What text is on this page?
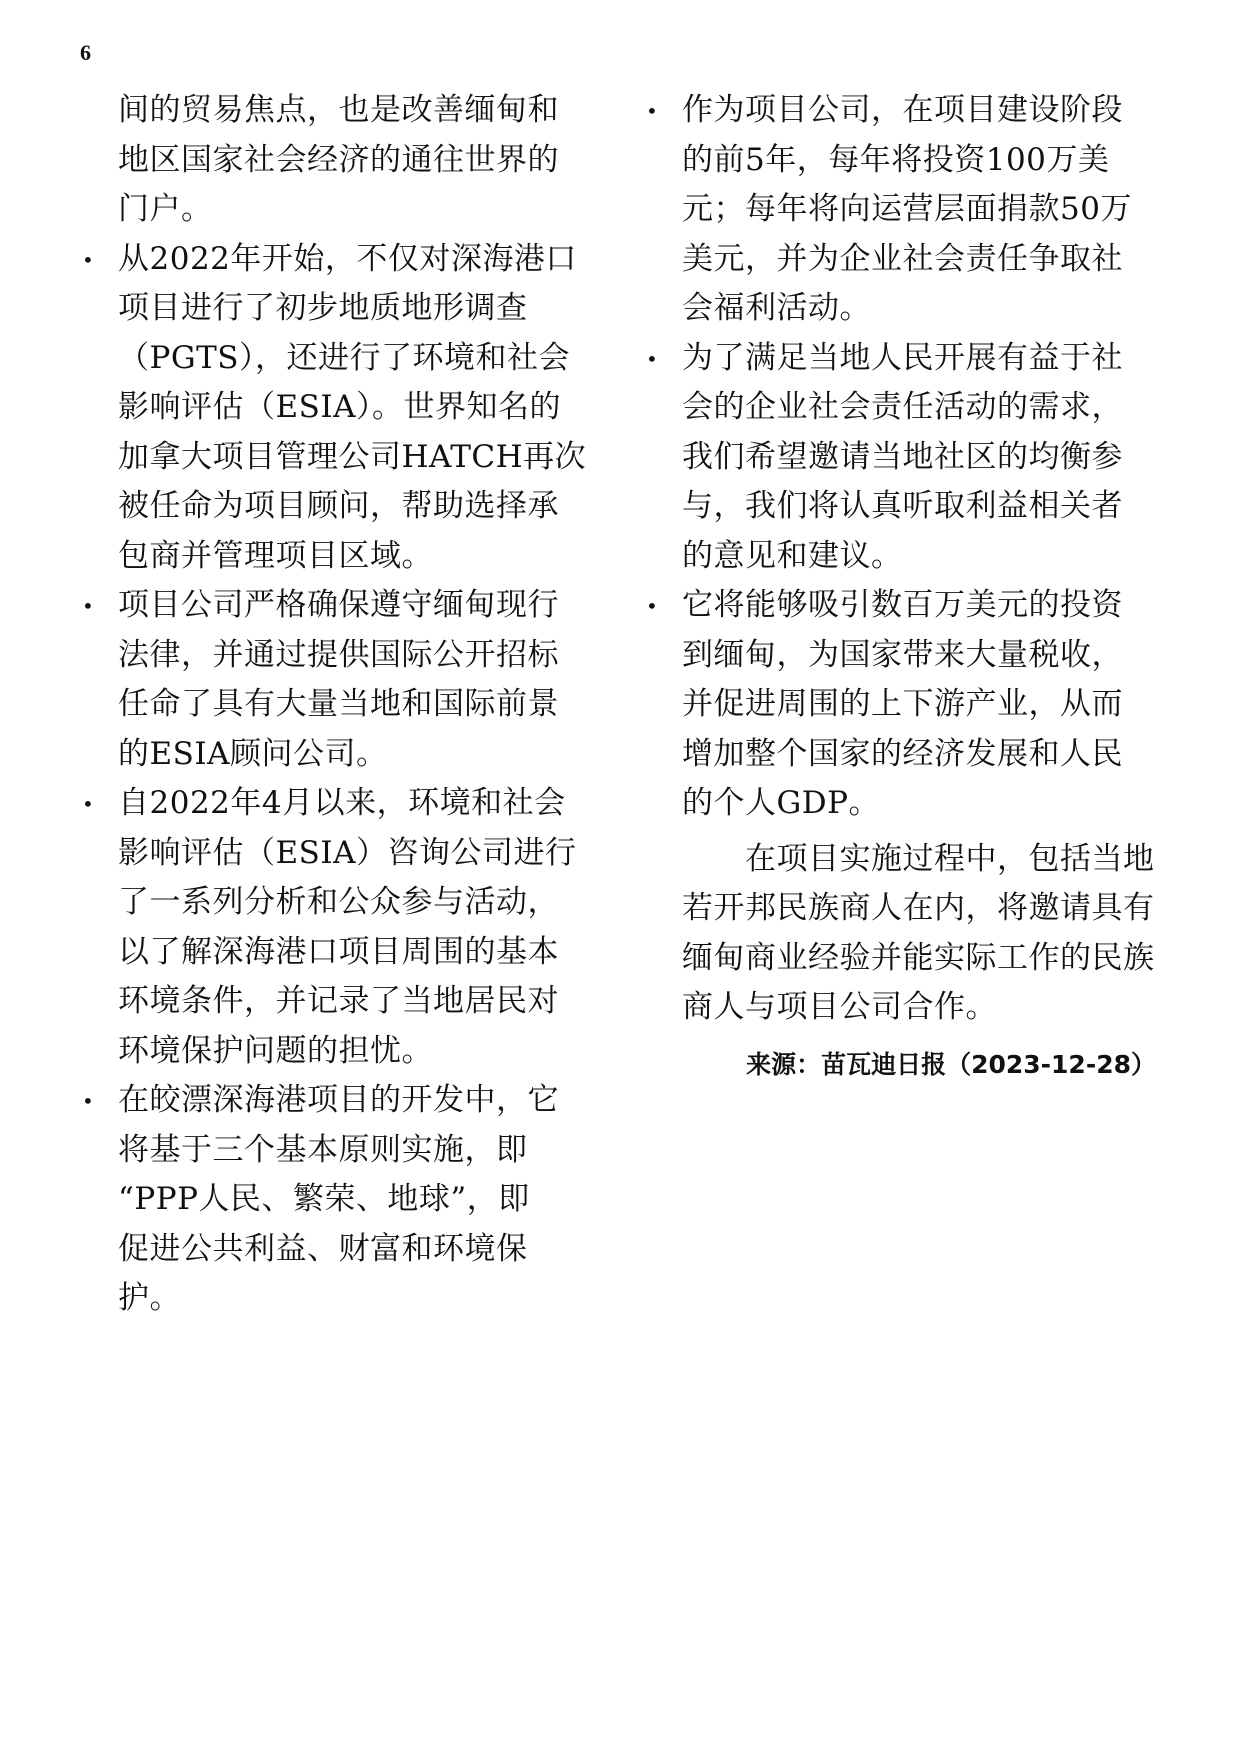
6
间的贸易焦点，也是改善缅甸和
地区国家社会经济的通往世界的
门户。
从2022年开始，不仅对深海港口
•
项目进行了初步地质地形调查
（PGTS），还进行了环境和社会
影响评估（ESIA）。世界知名的
加拿大项目管理公司HATCH再次
被任命为项目顾问，帮助选择承
包商并管理项目区域。
项目公司严格确保遵守缅甸现行
•
法律，并通过提供国际公开招标
任命了具有大量当地和国际前景
的ESIA顾问公司。
自2022年4月以来，环境和社会
•
影响评估（ESIA）咨询公司进行
了一系列分析和公众参与活动，
以了解深海港口项目周围的基本
环境条件，并记录了当地居民对
环境保护问题的担忧。
在皎漂深海港项目的开发中，它
•
将基于三个基本原则实施，即
“PPP人民、繁荣、地球”，即
促进公共利益、财富和环境保
护。
作为项目公司，在项目建设阶段
•
的前5年，每年将投资100万美
元；每年将向运营层面捐款50万
美元，并为企业社会责任争取社
会福利活动。
为了满足当地人民开展有益于社
•
会的企业社会责任活动的需求，
我们希望邀请当地社区的均衡参
与，我们将认真听取利益相关者
的意见和建议。
它将能够吸引数百万美元的投资
•
到缅甸，为国家带来大量税收，
并促进周围的上下游产业，从而
增加整个国家的经济发展和人民
的个人GDP。
　　在项目实施过程中，包括当地
若开邦民族商人在内，将邀请具有
缅甸商业经验并能实际工作的民族
商人与项目公司合作。
来源：苗瓦迪日报（2023-12-28）
